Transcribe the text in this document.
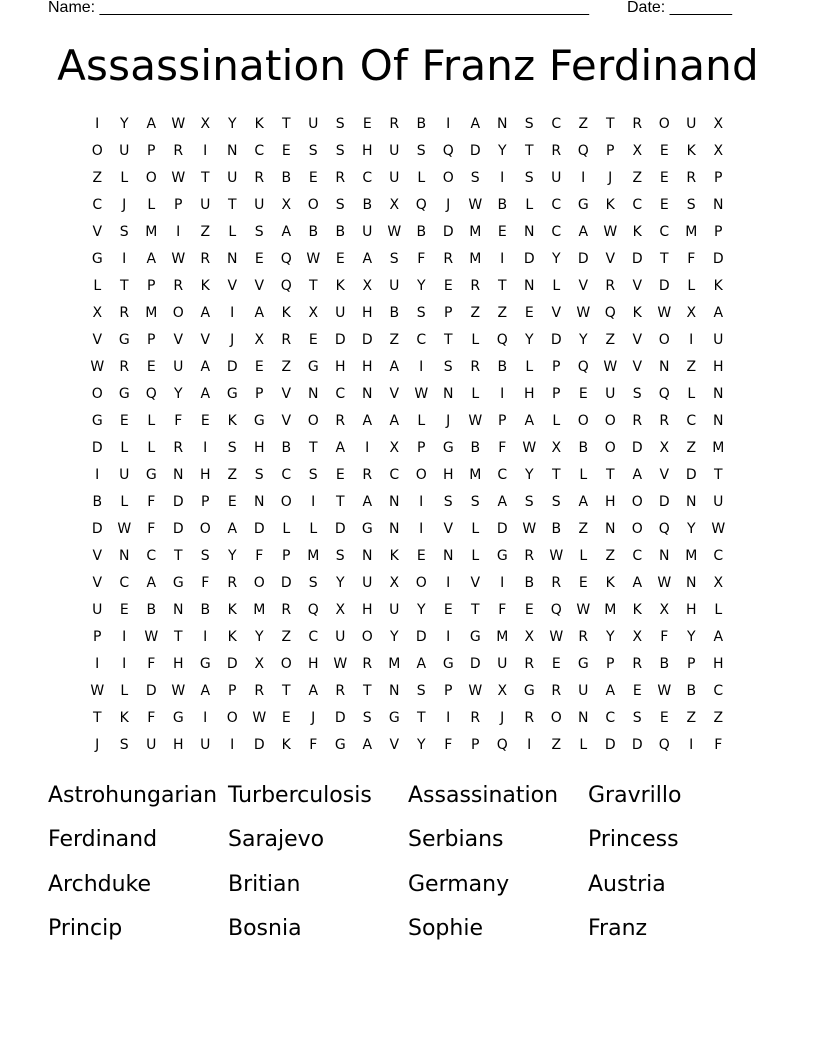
Name: _______________________________________________________ Date: _______
Assassination Of Franz Ferdinand
I	Y	A	W	X	Y	K	T	U	S	E	R	B	I	A	N	S	C	Z	T	R	O	U	X
O	U	P	R	I	N	C	E	S	S	H	U	S	Q	D	Y	T	R	Q	P	X	E	K	X
Z	L	O	W	T	U	R	B	E	R	C	U	L	O	S	I	S	U	I	J	Z	E	R	P
C	J	L	P	U	T	U	X	O	S	B	X	Q	J	W	B	L	C	G	K	C	E	S	N
V	S	M	I	Z	L	S	A	B	B	U	W	B	D	M	E	N	C	A	W	K	C	M	P
G	I	A	W	R	N	E	Q	W	E	A	S	F	R	M	I	D	Y	D	V	D	T	F	D
L	T	P	R	K	V	V	Q	T	K	X	U	Y	E	R	T	N	L	V	R	V	D	L	K
X	R	M	O	A	I	A	K	X	U	H	B	S	P	Z	Z	E	V	W	Q	K	W	X	A
V	G	P	V	V	J	X	R	E	D	D	Z	C	T	L	Q	Y	D	Y	Z	V	O	I	U
W	R	E	U	A	D	E	Z	G	H	H	A	I	S	R	B	L	P	Q	W	V	N	Z	H
O	G	Q	Y	A	G	P	V	N	C	N	V	W	N	L	I	H	P	E	U	S	Q	L	N
G	E	L	F	E	K	G	V	O	R	A	A	L	J	W	P	A	L	O	O	R	R	C	N
D	L	L	R	I	S	H	B	T	A	I	X	P	G	B	F	W	X	B	O	D	X	Z	M
I	U	G	N	H	Z	S	C	S	E	R	C	O	H	M	C	Y	T	L	T	A	V	D	T
B	L	F	D	P	E	N	O	I	T	A	N	I	S	S	A	S	S	A	H	O	D	N	U
D	W	F	D	O	A	D	L	L	D	G	N	I	V	L	D	W	B	Z	N	O	Q	Y	W
V	N	C	T	S	Y	F	P	M	S	N	K	E	N	L	G	R	W	L	Z	C	N	M	C
V	C	A	G	F	R	O	D	S	Y	U	X	O	I	V	I	B	R	E	K	A	W	N	X
U	E	B	N	B	K	M	R	Q	X	H	U	Y	E	T	F	E	Q	W M	K	X	H	L
P	I	W	T	I	K	Y	Z	C	U	O	Y	D	I	G	M	X	W	R	Y	X	F	Y	A
I	I	F	H	G	D	X	O	H	W	R	M	A	G	D	U	R	E	G	P	R	B	P	H
W	L	D	W	A	P	R	T	A	R	T	N	S	P	W	X	G	R	U	A	E	W	B	C
T	K	F	G	I	O	W	E	J	D	S	G	T	I	R	J	R	O	N	C	S	E	Z	Z
J	S	U	H	U	I	D	K	F	G	A	V	Y	F	P	Q	I	Z	L	D	D	Q	I	F
Astrohungarian Turberculosis	Assassination	Gravrillo
Ferdinand	Sarajevo	Serbians	Princess
Archduke	Britian	Germany	Austria
Princip	Bosnia	Sophie	Franz
